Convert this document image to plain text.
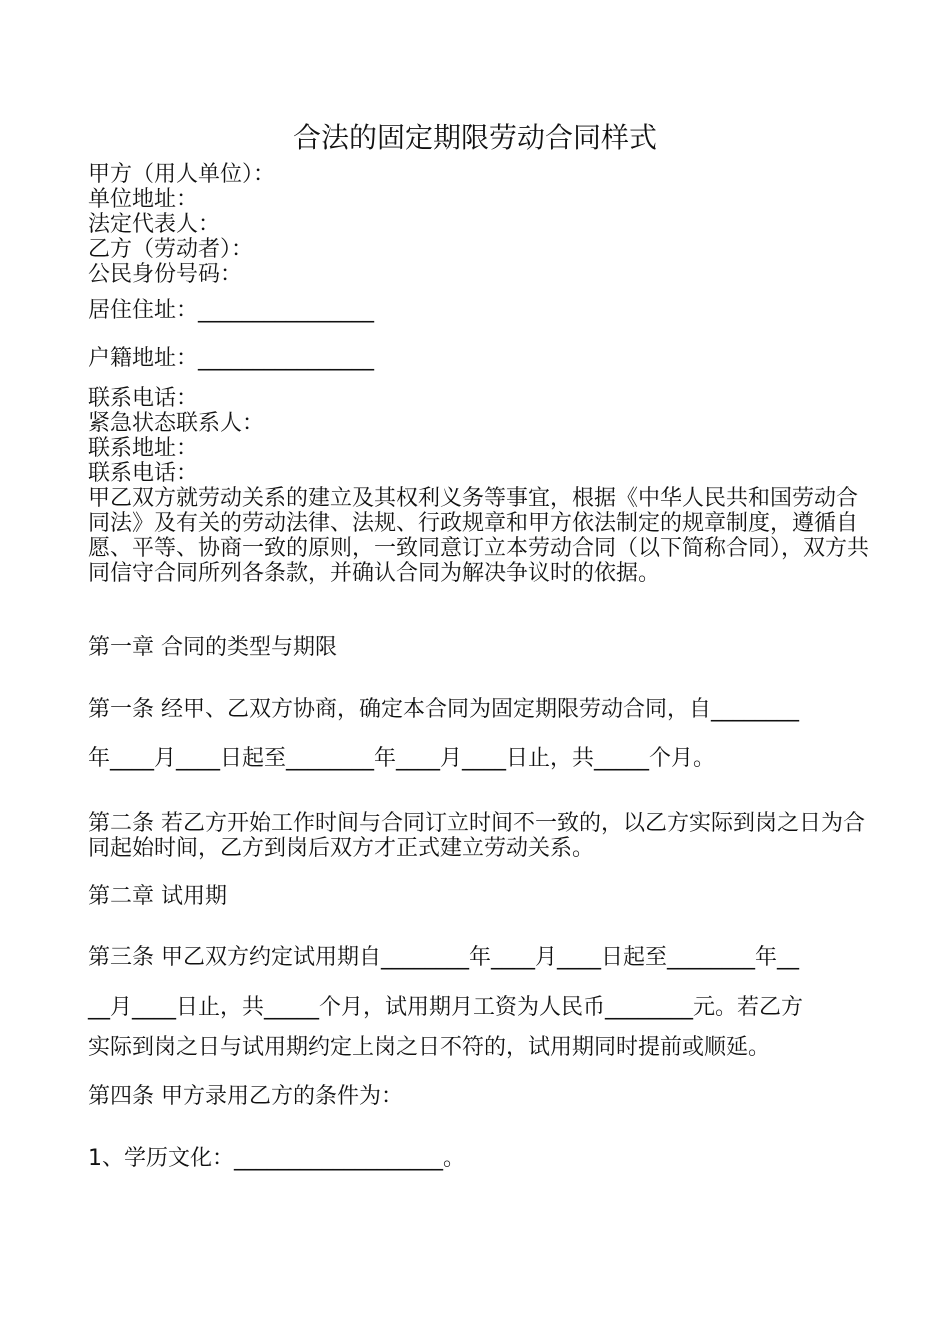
合法的固定期限劳动合同样式

甲方（用人单位）：

单位地址：

法定代表人：

乙方（劳动者）：

公民身份号码：

居住住址：________________

户籍地址：________________

联系电话：

紧急状态联系人：

联系地址：

联系电话：

甲乙双方就劳动关系的建立及其权利义务等事宜，根据《中华人民共和国劳动合同法》及有关的劳动法律、法规、行政规章和甲方依法制定的规章制度，遵循自愿、平等、协商一致的原则，一致同意订立本劳动合同（以下简称合同），双方共同信守合同所列各条款，并确认合同为解决争议时的依据。

第一章 合同的类型与期限

第一条 经甲、乙双方协商，确定本合同为固定期限劳动合同，自________

年____月____日起至________年____月____日止，共_____个月。

第二条 若乙方开始工作时间与合同订立时间不一致的，以乙方实际到岗之日为合同起始时间，乙方到岗后双方才正式建立劳动关系。

第二章 试用期

第三条 甲乙双方约定试用期自________年____月____日起至________年__

__月____日止，共_____个月，试用期月工资为人民币________元。若乙方

实际到岗之日与试用期约定上岗之日不符的，试用期同时提前或顺延。

第四条 甲方录用乙方的条件为：

1、学历文化：___________________。
